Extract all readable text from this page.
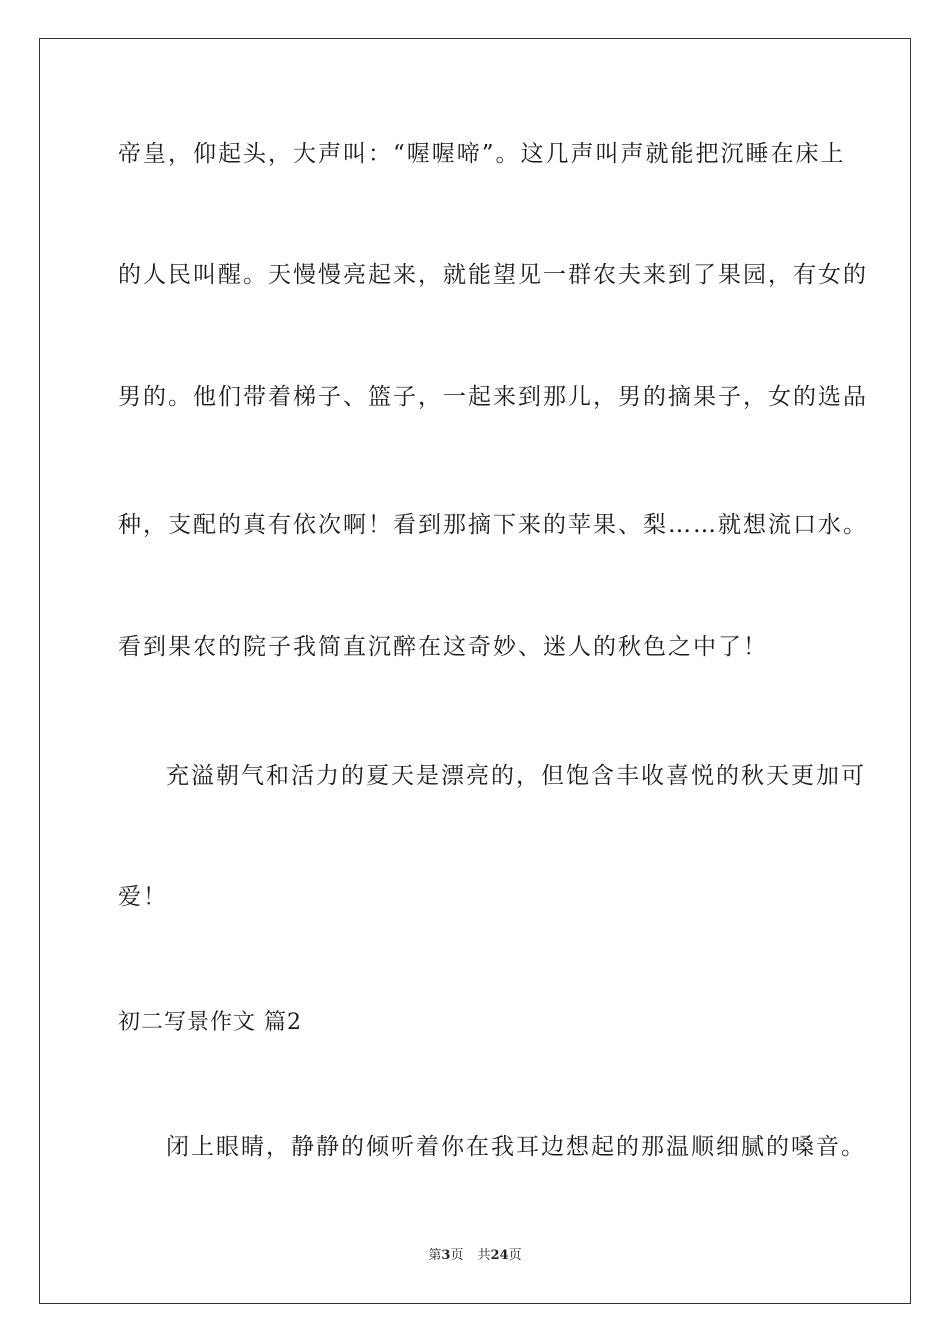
帝皇，仰起头，大声叫：“喔喔啼”。这几声叫声就能把沉睡在床上

的人民叫醒。天慢慢亮起来，就能望见一群农夫来到了果园，有女的

男的。他们带着梯子、篮子，一起来到那儿，男的摘果子，女的选品

种，支配的真有依次啊！看到那摘下来的苹果、梨……就想流口水。

看到果农的院子我简直沉醉在这奇妙、迷人的秋色之中了！

充溢朝气和活力的夏天是漂亮的，但饱含丰收喜悦的秋天更加可

爱！

初二写景作文 篇2

闭上眼睛，静静的倾听着你在我耳边想起的那温顺细腻的嗓音。

第3页 共24页
